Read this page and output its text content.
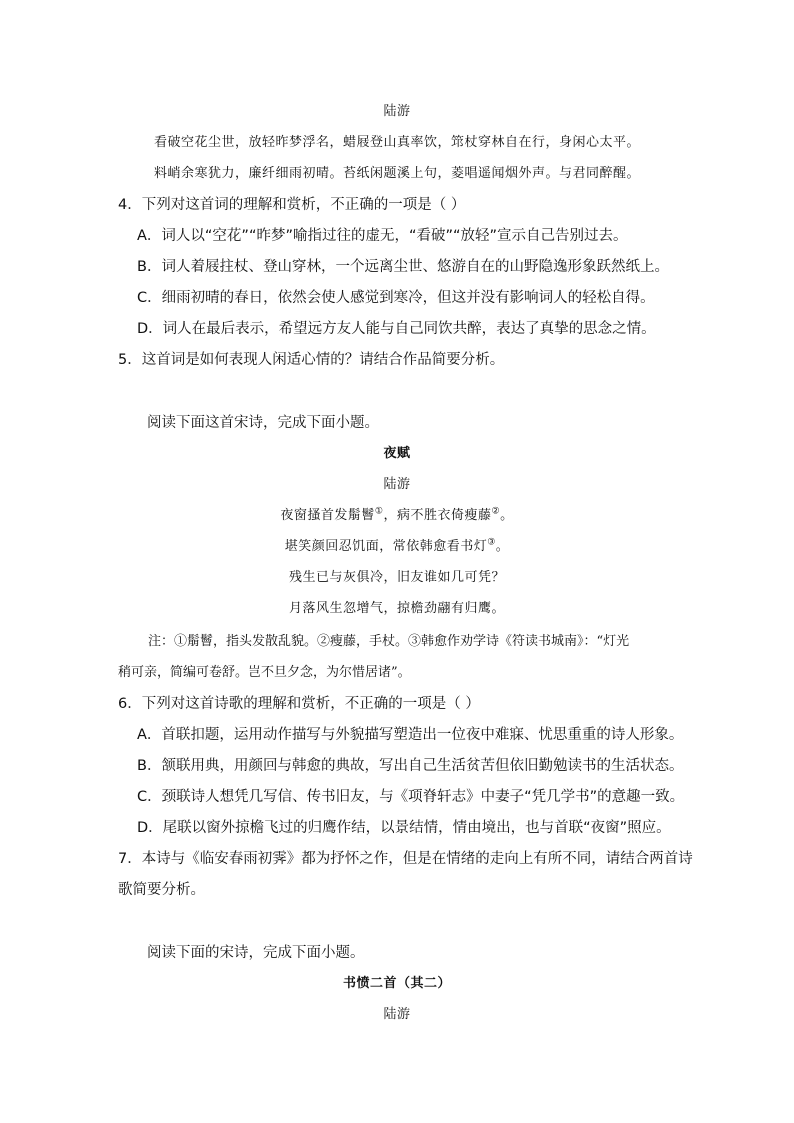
陆游
看破空花尘世，放轻昨梦浮名，蜡屐登山真率饮，筇杖穿林自在行，身闲心太平。
料峭余寒犹力，廉纤细雨初晴。苔纸闲题溪上句，菱唱遥闻烟外声。与君同醉醒。
4．下列对这首词的理解和赏析，不正确的一项是（ ）
A．词人以“空花”“昨梦”喻指过往的虚无，“看破”“放轻”宣示自己告别过去。
B．词人着屐拄杖、登山穿林，一个远离尘世、悠游自在的山野隐逸形象跃然纸上。
C．细雨初晴的春日，依然会使人感觉到寒冷，但这并没有影响词人的轻松自得。
D．词人在最后表示，希望远方友人能与自己同饮共醉，表达了真挚的思念之情。
5．这首词是如何表现人闲适心情的？请结合作品简要分析。
阅读下面这首宋诗，完成下面小题。
夜赋
陆游
夜窗搔首发鬅鬙①，病不胜衣倚瘦藤②。
堪笑颜回忍饥面，常依韩愈看书灯③。
残生已与灰俱冷，旧友谁如几可凭？
月落风生忽增气，掠檐劲翮有归鹰。
注：①鬅鬙，指头发散乱貌。②瘦藤，手杖。③韩愈作劝学诗《符读书城南》：“灯光
稍可亲，简编可卷舒。岂不旦夕念，为尔惜居诸”。
6．下列对这首诗歌的理解和赏析，不正确的一项是（ ）
A．首联扣题，运用动作描写与外貌描写塑造出一位夜中难寐、忧思重重的诗人形象。
B．颔联用典，用颜回与韩愈的典故，写出自己生活贫苦但依旧勤勉读书的生活状态。
C．颈联诗人想凭几写信、传书旧友，与《项脊轩志》中妻子“凭几学书”的意趣一致。
D．尾联以窗外掠檐飞过的归鹰作结，以景结情，情由境出，也与首联“夜窗”照应。
7．本诗与《临安春雨初霁》都为抒怀之作，但是在情绪的走向上有所不同，请结合两首诗
歌简要分析。
阅读下面的宋诗，完成下面小题。
书愤二首（其二）
陆游
